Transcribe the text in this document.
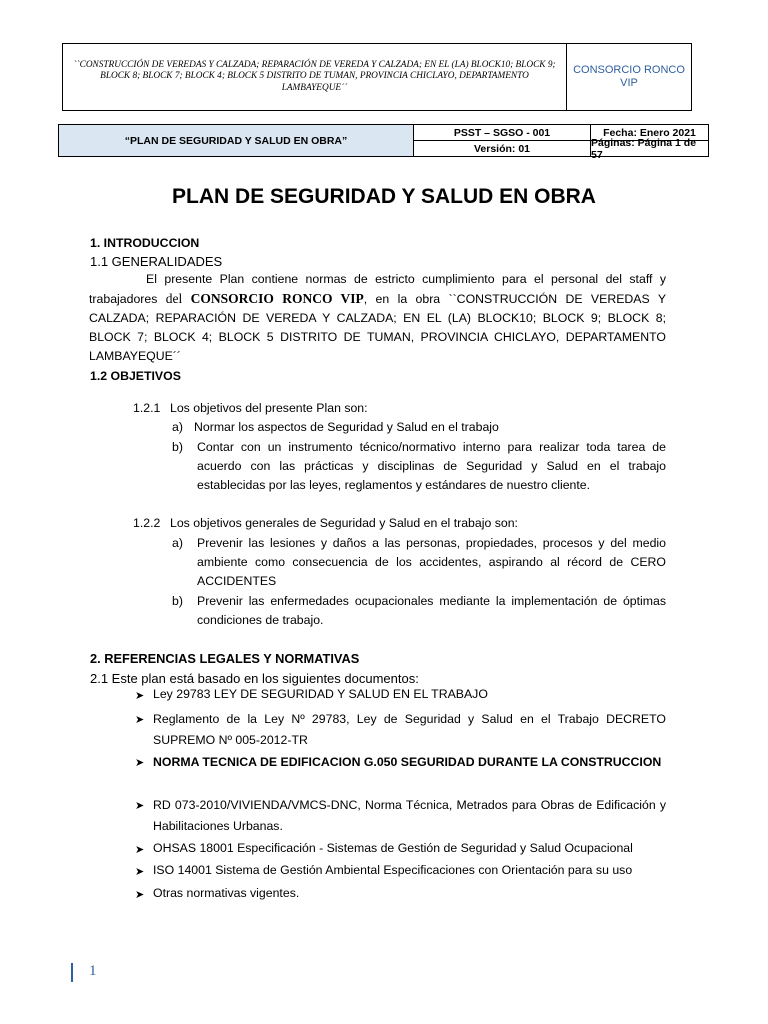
``CONSTRUCCIÓN DE VEREDAS Y CALZADA; REPARACIÓN DE VEREDA Y CALZADA; EN EL (LA) BLOCK10; BLOCK 9; BLOCK 8; BLOCK 7; BLOCK 4; BLOCK 5 DISTRITO DE TUMAN, PROVINCIA CHICLAYO, DEPARTAMENTO LAMBAYEQUE´´
CONSORCIO RONCO VIP
“PLAN DE SEGURIDAD Y SALUD EN OBRA”
PSST – SGSO - 001	Fecha: Enero 2021
Versión: 01	Páginas: Página 1 de 57
PLAN DE SEGURIDAD Y SALUD EN OBRA
1. INTRODUCCION
1.1 GENERALIDADES
El presente Plan contiene normas de estricto cumplimiento para el personal del staff y trabajadores del CONSORCIO RONCO VIP, en la obra ``CONSTRUCCIÓN DE VEREDAS Y CALZADA; REPARACIÓN DE VEREDA Y CALZADA; EN EL (LA) BLOCK10; BLOCK 9; BLOCK 8; BLOCK 7; BLOCK 4; BLOCK 5 DISTRITO DE TUMAN, PROVINCIA CHICLAYO, DEPARTAMENTO LAMBAYEQUE´´
1.2 OBJETIVOS
1.2.1 Los objetivos del presente Plan son:
a) Normar los aspectos de Seguridad y Salud en el trabajo
b) Contar con un instrumento técnico/normativo interno para realizar toda tarea de acuerdo con las prácticas y disciplinas de Seguridad y Salud en el trabajo establecidas por las leyes, reglamentos y estándares de nuestro cliente.
1.2.2 Los objetivos generales de Seguridad y Salud en el trabajo son:
a) Prevenir las lesiones y daños a las personas, propiedades, procesos y del medio ambiente como consecuencia de los accidentes, aspirando al récord de CERO ACCIDENTES
b) Prevenir las enfermedades ocupacionales mediante la implementación de óptimas condiciones de trabajo.
2. REFERENCIAS LEGALES Y NORMATIVAS
2.1 Este plan está basado en los siguientes documentos:
➤ Ley 29783 LEY DE SEGURIDAD Y SALUD EN EL TRABAJO
➤ Reglamento de la Ley Nº 29783, Ley de Seguridad y Salud en el Trabajo DECRETO SUPREMO Nº 005-2012-TR
➤ NORMA TECNICA DE EDIFICACION G.050 SEGURIDAD DURANTE LA CONSTRUCCION
➤ RD 073-2010/VIVIENDA/VMCS-DNC, Norma Técnica, Metrados para Obras de Edificación y Habilitaciones Urbanas.
➤ OHSAS 18001 Especificación - Sistemas de Gestión de Seguridad y Salud Ocupacional
➤ ISO 14001 Sistema de Gestión Ambiental Especificaciones con Orientación para su uso
➤ Otras normativas vigentes.
1
